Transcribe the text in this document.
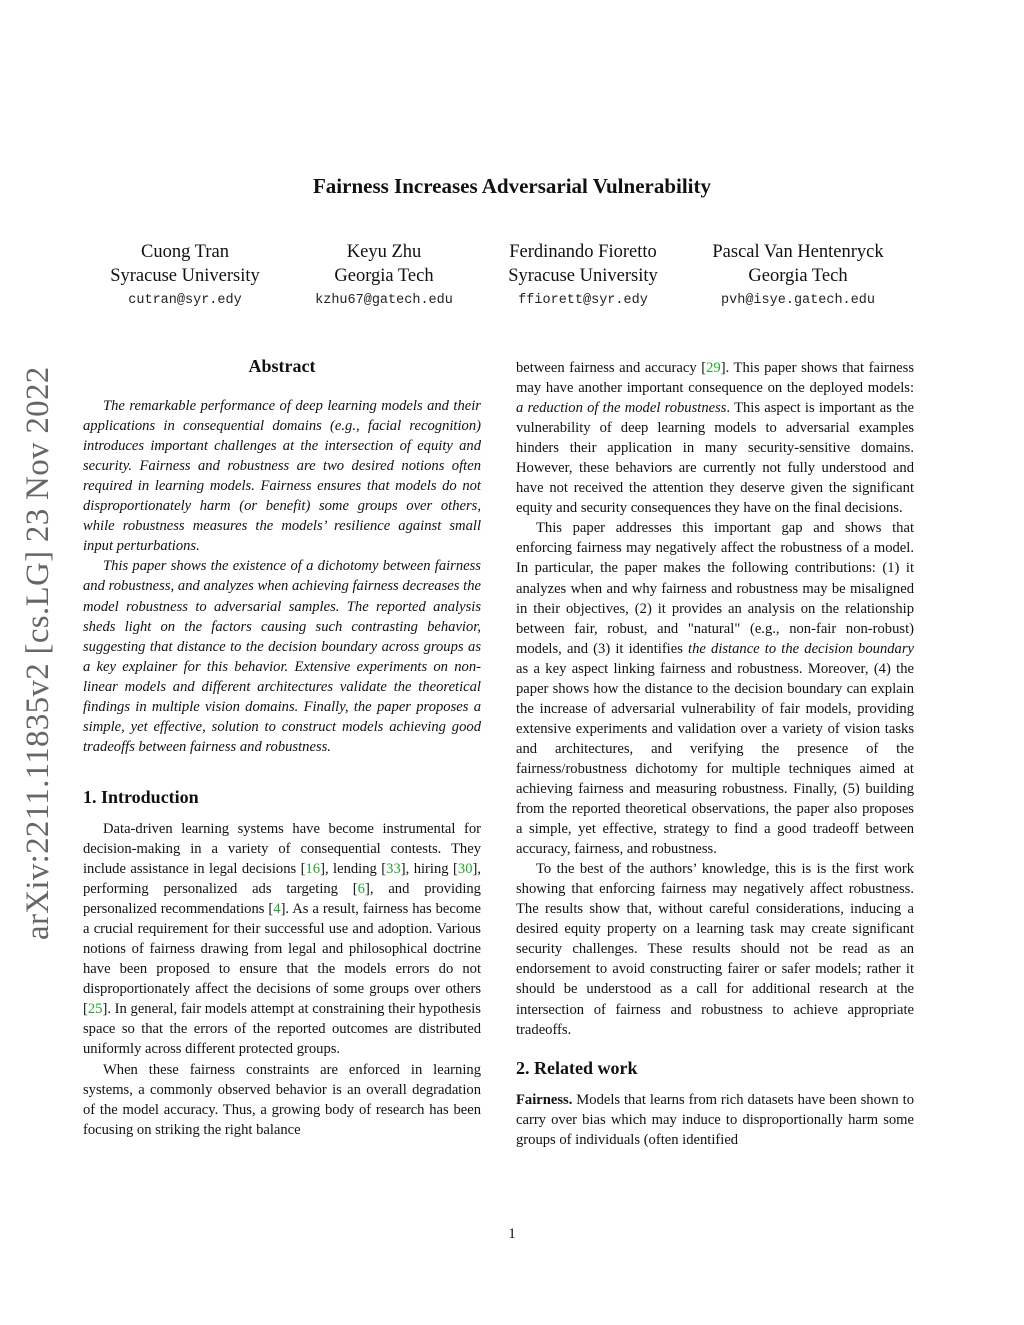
Fairness Increases Adversarial Vulnerability
Cuong Tran
Syracuse University
cutran@syr.edy
Keyu Zhu
Georgia Tech
kzhu67@gatech.edu
Ferdinando Fioretto
Syracuse University
ffiorett@syr.edy
Pascal Van Hentenryck
Georgia Tech
pvh@isye.gatech.edu
arXiv:2211.11835v2 [cs.LG] 23 Nov 2022
Abstract

The remarkable performance of deep learning models and their applications in consequential domains (e.g., facial recognition) introduces important challenges at the intersection of equity and security. Fairness and robustness are two desired notions often required in learning models. Fairness ensures that models do not disproportionately harm (or benefit) some groups over others, while robustness measures the models’ resilience against small input perturbations.

This paper shows the existence of a dichotomy between fairness and robustness, and analyzes when achieving fairness decreases the model robustness to adversarial samples. The reported analysis sheds light on the factors causing such contrasting behavior, suggesting that distance to the decision boundary across groups as a key explainer for this behavior. Extensive experiments on non-linear models and different architectures validate the theoretical findings in multiple vision domains. Finally, the paper proposes a simple, yet effective, solution to construct models achieving good tradeoffs between fairness and robustness.

1. Introduction

Data-driven learning systems have become instrumental for decision-making in a variety of consequential contests. They include assistance in legal decisions [16], lending [33], hiring [30], performing personalized ads targeting [6], and providing personalized recommendations [4]. As a result, fairness has become a crucial requirement for their successful use and adoption. Various notions of fairness drawing from legal and philosophical doctrine have been proposed to ensure that the models errors do not disproportionately affect the decisions of some groups over others [25]. In general, fair models attempt at constraining their hypothesis space so that the errors of the reported outcomes are distributed uniformly across different protected groups.

When these fairness constraints are enforced in learning systems, a commonly observed behavior is an overall degradation of the model accuracy. Thus, a growing body of research has been focusing on striking the right balance

between fairness and accuracy [29]. This paper shows that fairness may have another important consequence on the deployed models: a reduction of the model robustness. This aspect is important as the vulnerability of deep learning models to adversarial examples hinders their application in many security-sensitive domains. However, these behaviors are currently not fully understood and have not received the attention they deserve given the significant equity and security consequences they have on the final decisions.

This paper addresses this important gap and shows that enforcing fairness may negatively affect the robustness of a model. In particular, the paper makes the following contributions: (1) it analyzes when and why fairness and robustness may be misaligned in their objectives, (2) it provides an analysis on the relationship between fair, robust, and "natural" (e.g., non-fair non-robust) models, and (3) it identifies the distance to the decision boundary as a key aspect linking fairness and robustness. Moreover, (4) the paper shows how the distance to the decision boundary can explain the increase of adversarial vulnerability of fair models, providing extensive experiments and validation over a variety of vision tasks and architectures, and verifying the presence of the fairness/robustness dichotomy for multiple techniques aimed at achieving fairness and measuring robustness. Finally, (5) building from the reported theoretical observations, the paper also proposes a simple, yet effective, strategy to find a good tradeoff between accuracy, fairness, and robustness.

To the best of the authors’ knowledge, this is is the first work showing that enforcing fairness may negatively affect robustness. The results show that, without careful considerations, inducing a desired equity property on a learning task may create significant security challenges. These results should not be read as an endorsement to avoid constructing fairer or safer models; rather it should be understood as a call for additional research at the intersection of fairness and robustness to achieve appropriate tradeoffs.

2. Related work

Fairness. Models that learns from rich datasets have been shown to carry over bias which may induce to disproportionally harm some groups of individuals (often identified

1
